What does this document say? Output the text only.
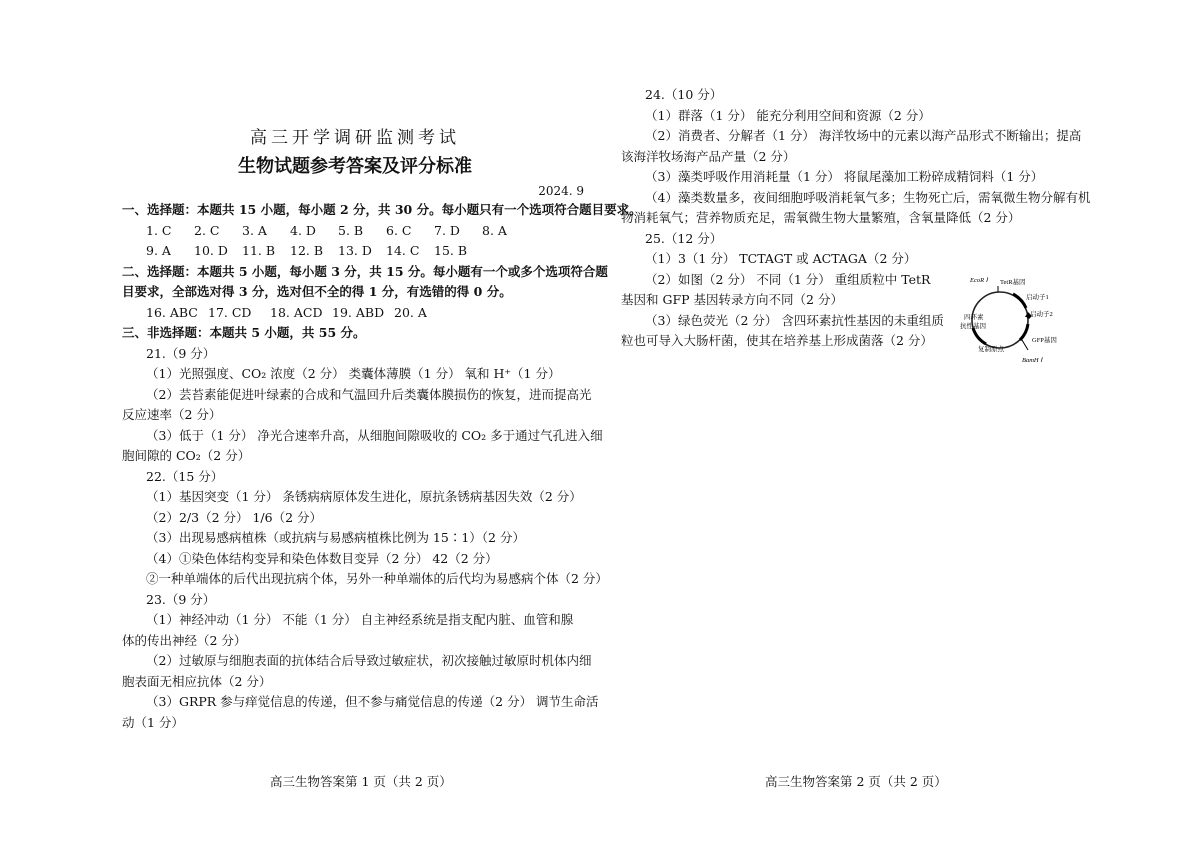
高三开学调研监测考试
生物试题参考答案及评分标准
2024. 9
一、选择题：本题共 15 小题，每小题 2 分，共 30 分。每小题只有一个选项符合题目要求。
1. C	2. C	3. A	4. D	5. B	6. C	7. D	8. A
9. A	10. D	11. B	12. B	13. D	14. C	15. B
二、选择题：本题共 5 小题，每小题 3 分，共 15 分。每小题有一个或多个选项符合题
目要求，全部选对得 3 分，选对但不全的得 1 分，有选错的得 0 分。
16. ABC 17. CD	18. ACD 19. ABD 20. A
三、非选择题：本题共 5 小题，共 55 分。
21.（9 分）
（1）光照强度、CO₂ 浓度（2 分） 类囊体薄膜（1 分） 氧和 H⁺（1 分）
（2）芸苔素能促进叶绿素的合成和气温回升后类囊体膜损伤的恢复，进而提高光
反应速率（2 分）
（3）低于（1 分） 净光合速率升高，从细胞间隙吸收的 CO₂ 多于通过气孔进入细
胞间隙的 CO₂（2 分）
22.（15 分）
（1）基因突变（1 分） 条锈病病原体发生进化，原抗条锈病基因失效（2 分）
（2）2/3（2 分） 1/6（2 分）
（3）出现易感病植株（或抗病与易感病植株比例为 15∶1）（2 分）
（4）①染色体结构变异和染色体数目变异（2 分） 42（2 分）
②一种单端体的后代出现抗病个体，另外一种单端体的后代均为易感病个体（2 分）
23.（9 分）
（1）神经冲动（1 分） 不能（1 分） 自主神经系统是指支配内脏、血管和腺
体的传出神经（2 分）
（2）过敏原与细胞表面的抗体结合后导致过敏症状，初次接触过敏原时机体内细
胞表面无相应抗体（2 分）
（3）GRPR 参与痒觉信息的传递，但不参与痛觉信息的传递（2 分） 调节生命活
动（1 分）
24.（10 分）
（1）群落（1 分） 能充分利用空间和资源（2 分）
（2）消费者、分解者（1 分） 海洋牧场中的元素以海产品形式不断输出；提高
该海洋牧场海产品产量（2 分）
（3）藻类呼吸作用消耗量（1 分） 将鼠尾藻加工粉碎成精饲料（1 分）
（4）藻类数量多，夜间细胞呼吸消耗氧气多；生物死亡后，需氧微生物分解有机
物消耗氧气；营养物质充足，需氧微生物大量繁殖，含氧量降低（2 分）
25.（12 分）
（1）3（1 分） TCTAGT 或 ACTAGA（2 分）
（2）如图（2 分） 不同（1 分） 重组质粒中 TetR
基因和 GFP 基因转录方向不同（2 分）
（3）绿色荧光（2 分） 含四环素抗性基因的未重组质
粒也可导入大肠杆菌，使其在培养基上形成菌落（2 分）
EcoR Ⅰ TetR基因
启动子1
启动子2
GFP基因
BamH Ⅰ
复制原点
四环素
抗性基因
高三生物答案第 1 页（共 2 页）	高三生物答案第 2 页（共 2 页）
